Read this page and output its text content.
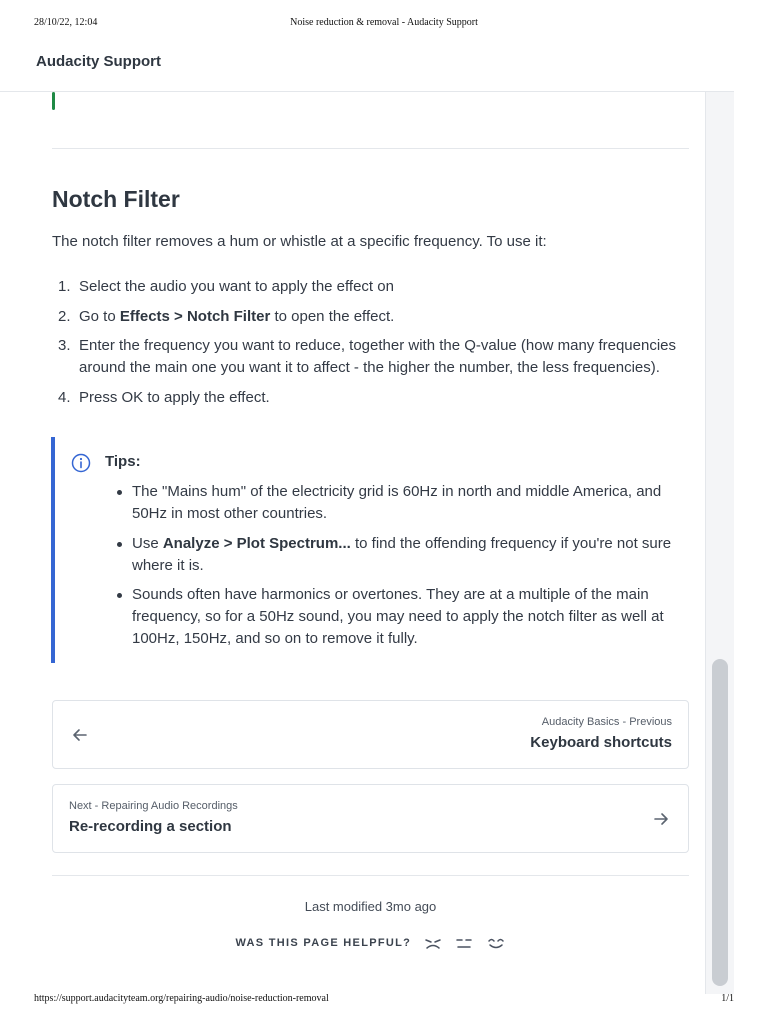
28/10/22, 12:04	Noise reduction & removal - Audacity Support
Audacity Support
Notch Filter

The notch filter removes a hum or whistle at a specific frequency. To use it:

1. Select the audio you want to apply the effect on
2. Go to Effects > Notch Filter to open the effect.
3. Enter the frequency you want to reduce, together with the Q-value (how many frequencies around the main one you want it to affect - the higher the number, the less frequencies).
4. Press OK to apply the effect.
Tips:
The "Mains hum" of the electricity grid is 60Hz in north and middle America, and 50Hz in most other countries.
Use Analyze > Plot Spectrum... to find the offending frequency if you're not sure where it is.
Sounds often have harmonics or overtones. They are at a multiple of the main frequency, so for a 50Hz sound, you may need to apply the notch filter as well at 100Hz, 150Hz, and so on to remove it fully.
Audacity Basics - Previous
Keyboard shortcuts
Next - Repairing Audio Recordings
Re-recording a section
Last modified 3mo ago
WAS THIS PAGE HELPFUL?
https://support.audacityteam.org/repairing-audio/noise-reduction-removal	1/1
